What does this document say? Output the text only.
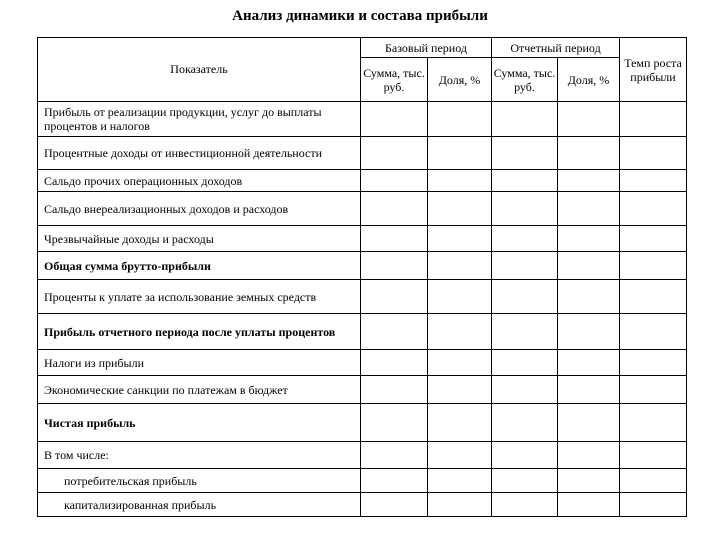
Анализ динамики и состава прибыли
Показатель	Базовый период		Отчетный период		Темп роста прибыли
	Сумма, тыс. руб.	Доля, %	Сумма, тыс. руб.	Доля, %	
Прибыль от реализации продукции, услуг до выплаты процентов и налогов					
Процентные доходы от инвестиционной деятельности					
Сальдо прочих операционных доходов					
Сальдо внереализационных доходов и расходов					
Чрезвычайные доходы и расходы					
Общая сумма брутто-прибыли					
Проценты к уплате за использование земных средств					
Прибыль отчетного периода после уплаты процентов					
Налоги из прибыли					
Экономические санкции по платежам в бюджет					
Чистая прибыль					
В том числе:					
потребительская прибыль					
капитализированная прибыль					
